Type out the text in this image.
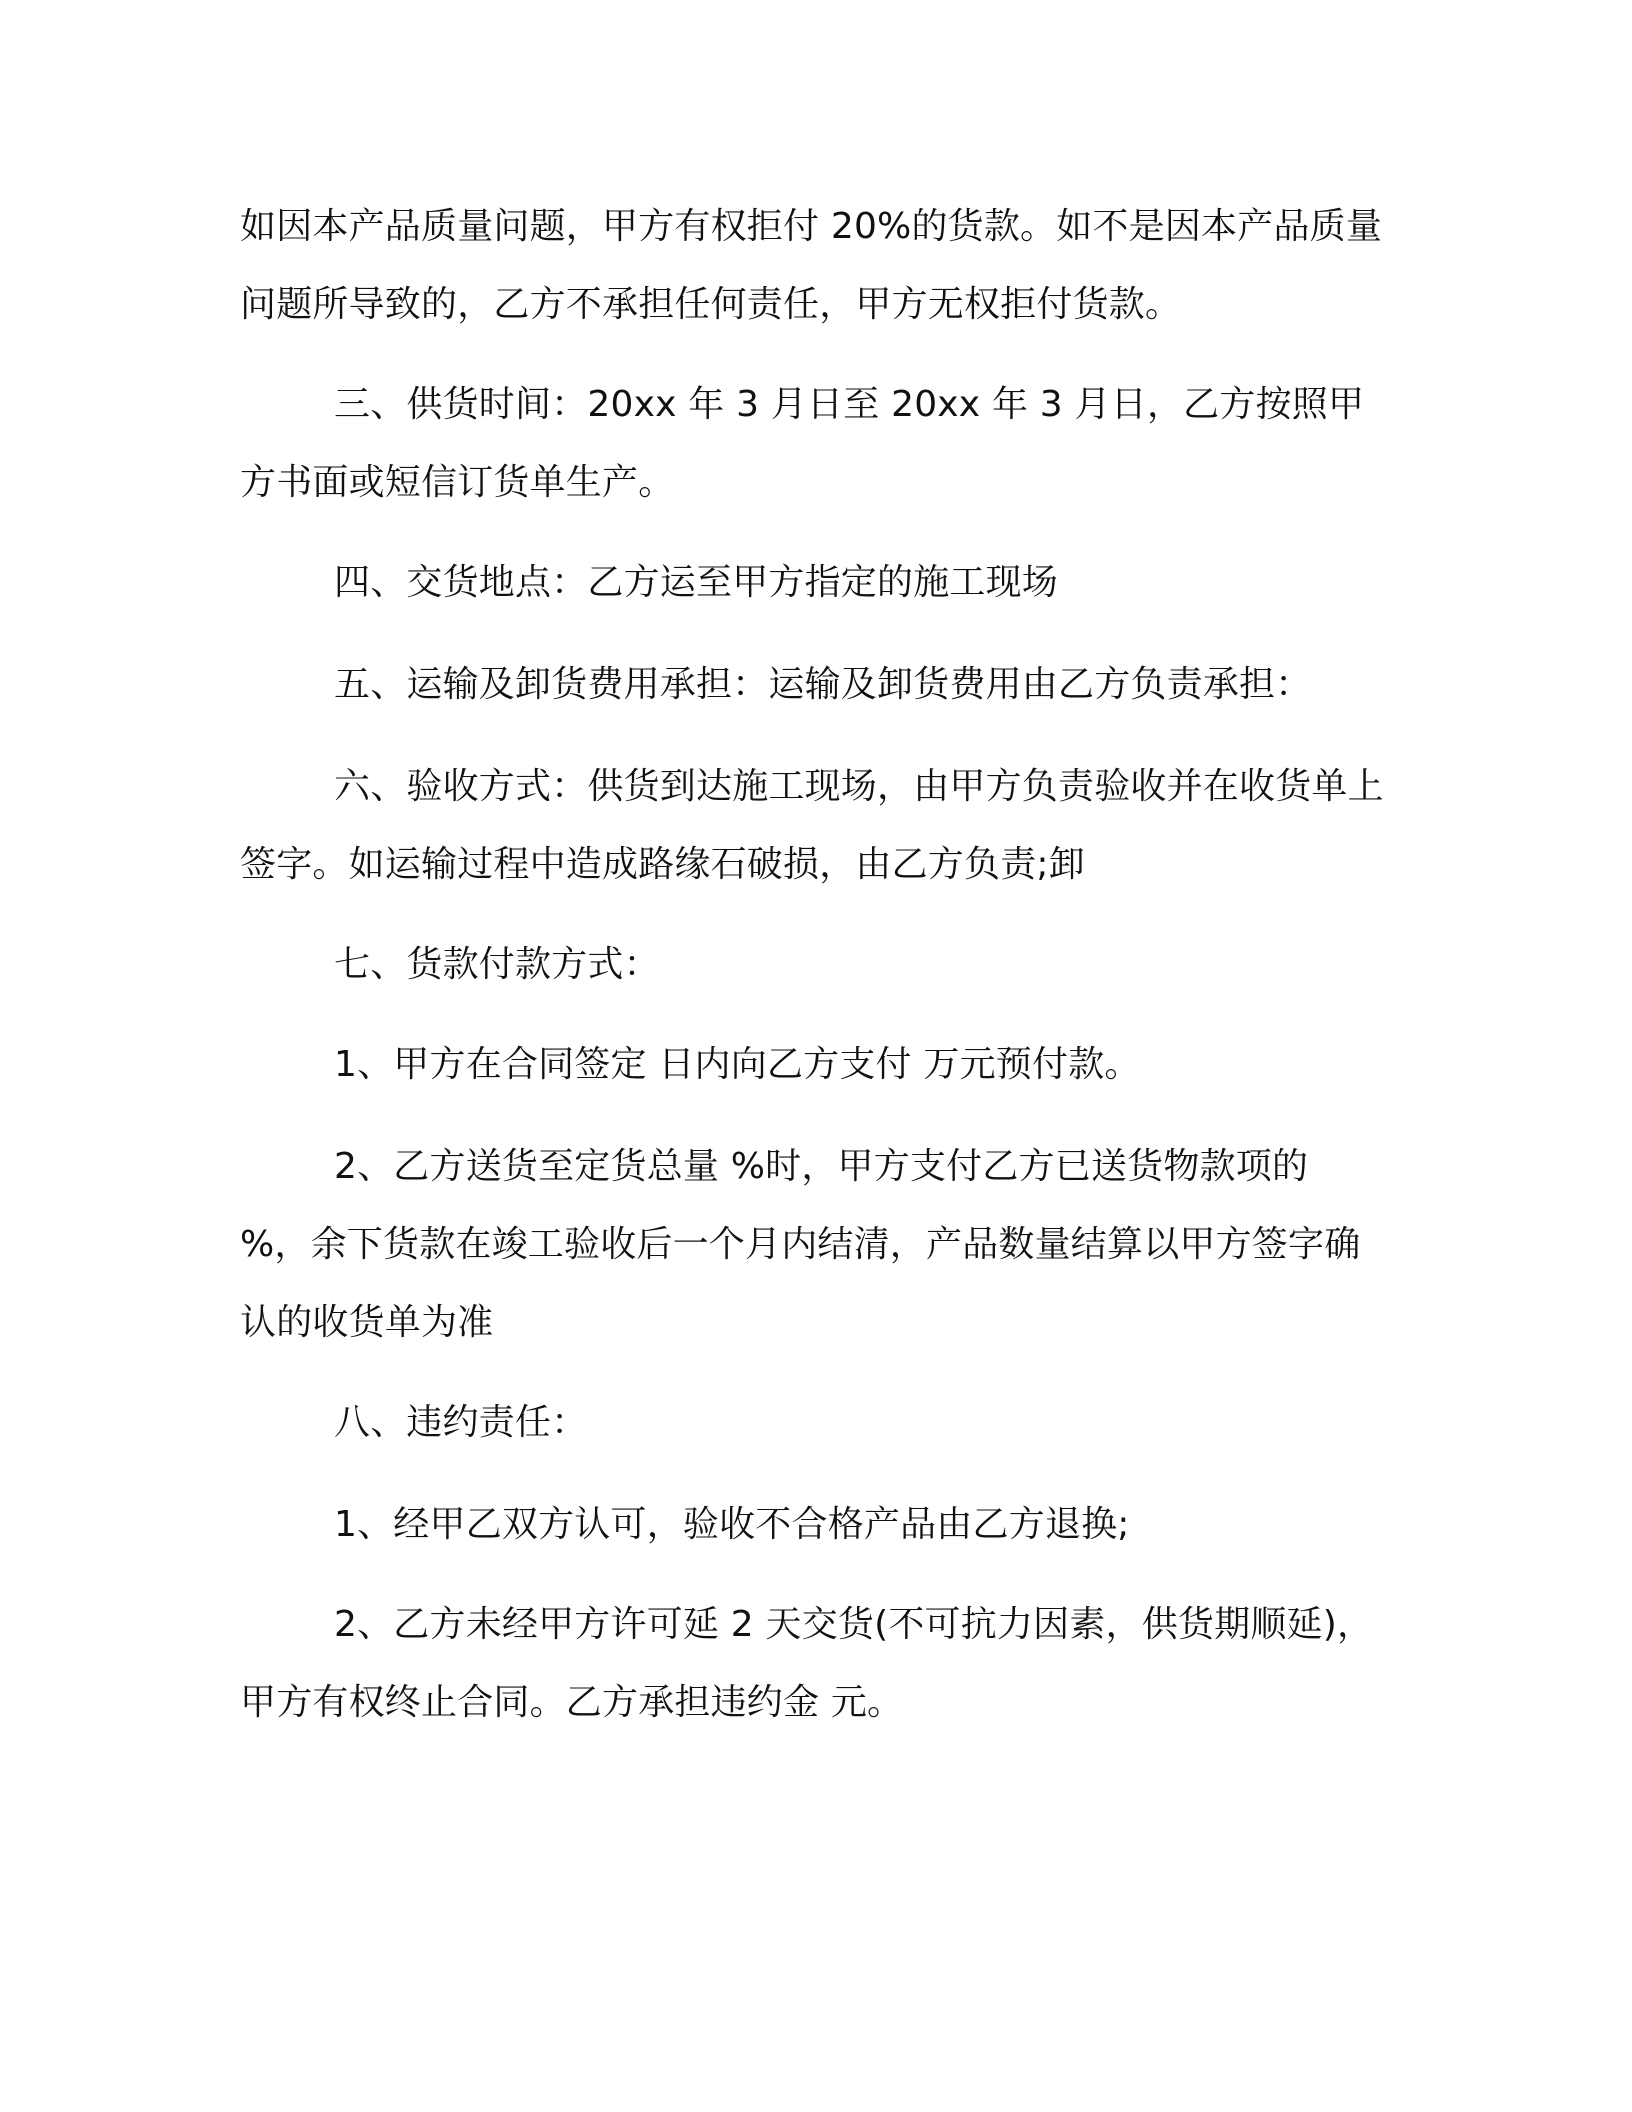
如因本产品质量问题，甲方有权拒付 20%的货款。如不是因本产品质量问题所导致的，乙方不承担任何责任，甲方无权拒付货款。

三、供货时间：20xx 年 3 月日至 20xx 年 3 月日，乙方按照甲方书面或短信订货单生产。

四、交货地点：乙方运至甲方指定的施工现场

五、运输及卸货费用承担：运输及卸货费用由乙方负责承担：

六、验收方式：供货到达施工现场，由甲方负责验收并在收货单上签字。如运输过程中造成路缘石破损，由乙方负责;卸

七、货款付款方式：

1、甲方在合同签定 日内向乙方支付 万元预付款。

2、乙方送货至定货总量 %时，甲方支付乙方已送货物款项的 %，余下货款在竣工验收后一个月内结清，产品数量结算以甲方签字确认的收货单为准

八、违约责任：

1、经甲乙双方认可，验收不合格产品由乙方退换;

2、乙方未经甲方许可延 2 天交货(不可抗力因素，供货期顺延)，甲方有权终止合同。乙方承担违约金 元。
